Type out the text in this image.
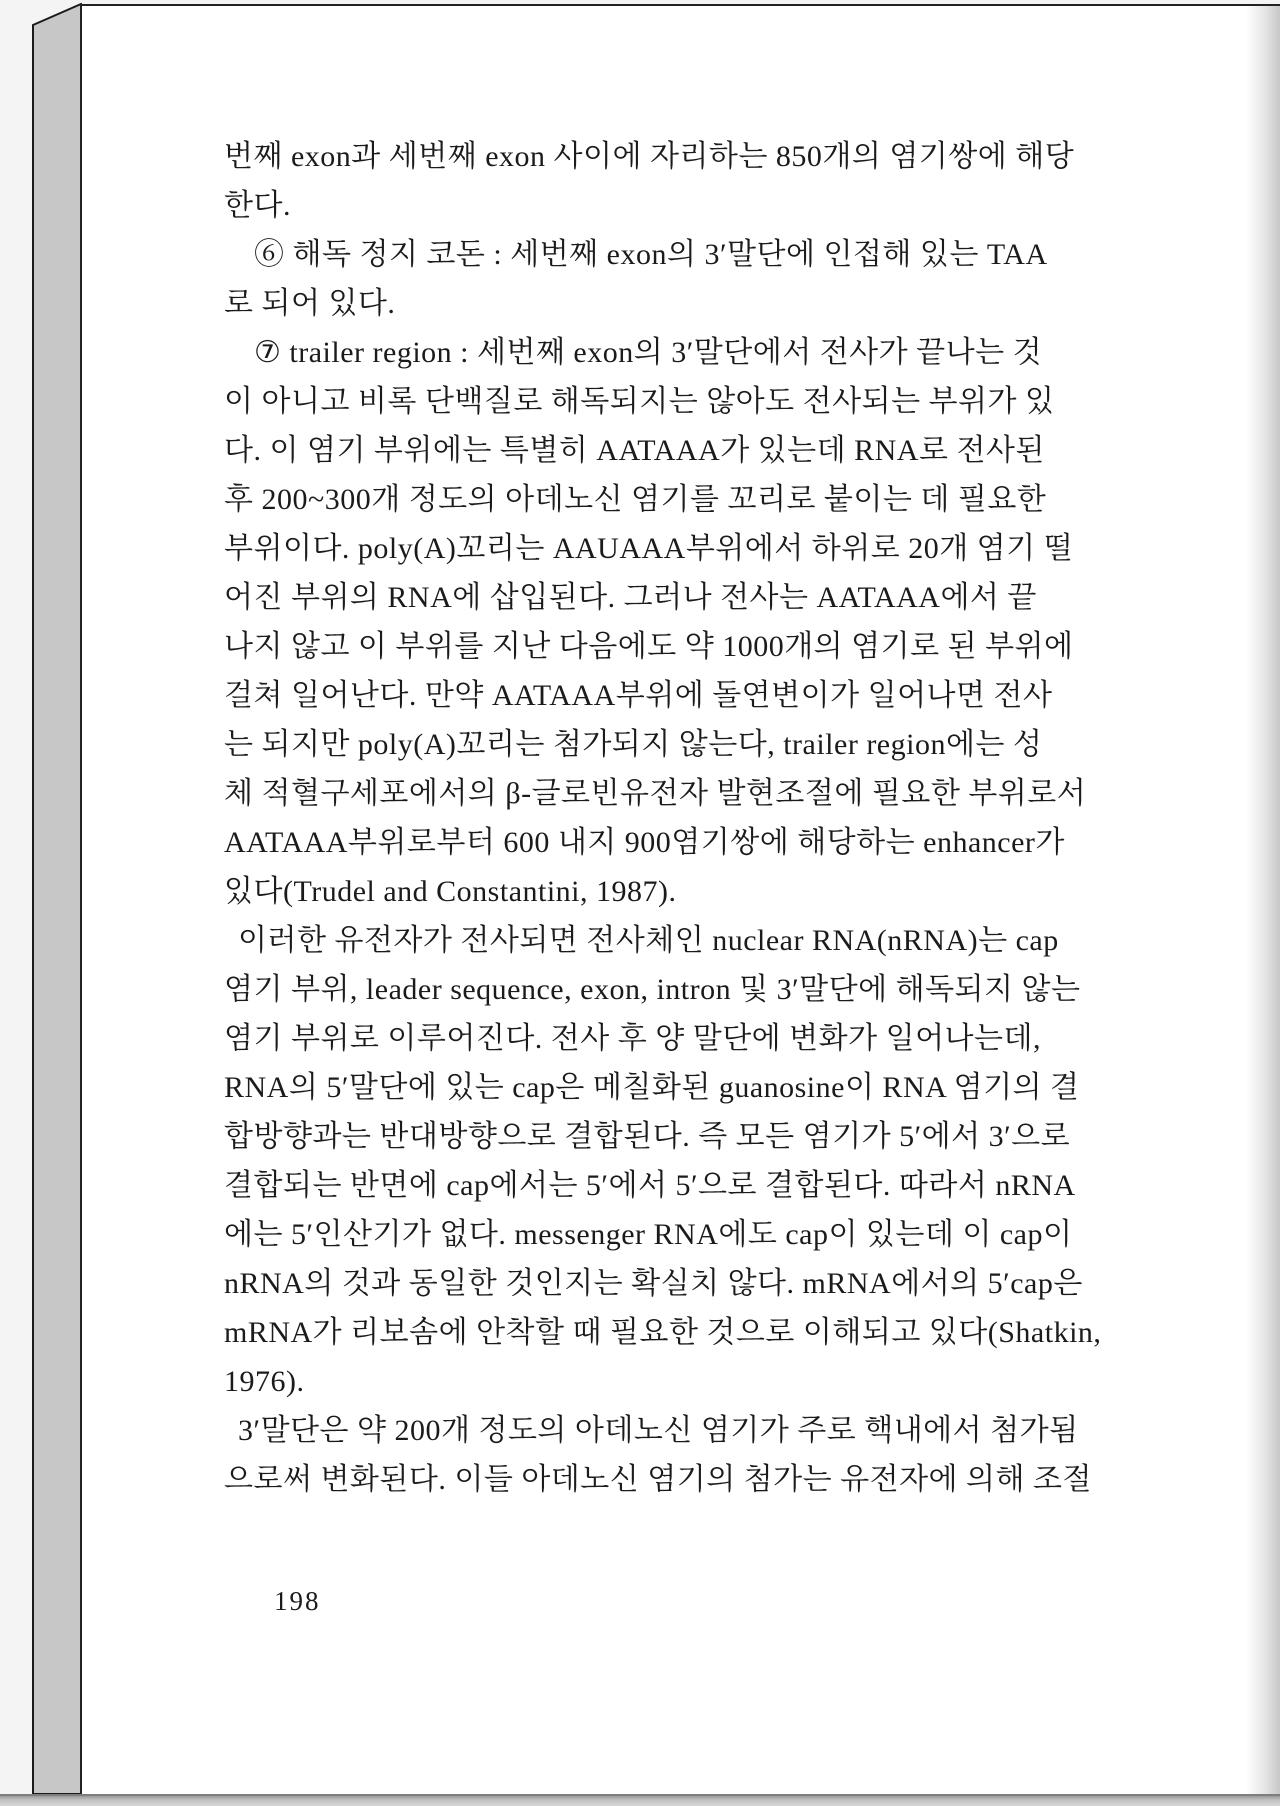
번째 exon과 세번째 exon 사이에 자리하는 850개의 염기쌍에 해당
한다.
⑥ 해독 정지 코돈 : 세번째 exon의 3′말단에 인접해 있는 TAA
로 되어 있다.
⑦ trailer region : 세번째 exon의 3′말단에서 전사가 끝나는 것
이 아니고 비록 단백질로 해독되지는 않아도 전사되는 부위가 있
다. 이 염기 부위에는 특별히 AATAAA가 있는데 RNA로 전사된
후 200~300개 정도의 아데노신 염기를 꼬리로 붙이는 데 필요한
부위이다. poly(A)꼬리는 AAUAAA부위에서 하위로 20개 염기 떨
어진 부위의 RNA에 삽입된다. 그러나 전사는 AATAAA에서 끝
나지 않고 이 부위를 지난 다음에도 약 1000개의 염기로 된 부위에
걸쳐 일어난다. 만약 AATAAA부위에 돌연변이가 일어나면 전사
는 되지만 poly(A)꼬리는 첨가되지 않는다, trailer region에는 성
체 적혈구세포에서의 β-글로빈유전자 발현조절에 필요한 부위로서
AATAAA부위로부터 600 내지 900염기쌍에 해당하는 enhancer가
있다(Trudel and Constantini, 1987).
이러한 유전자가 전사되면 전사체인 nuclear RNA(nRNA)는 cap
염기 부위, leader sequence, exon, intron 및 3′말단에 해독되지 않는
염기 부위로 이루어진다. 전사 후 양 말단에 변화가 일어나는데,
RNA의 5′말단에 있는 cap은 메칠화된 guanosine이 RNA 염기의 결
합방향과는 반대방향으로 결합된다. 즉 모든 염기가 5′에서 3′으로
결합되는 반면에 cap에서는 5′에서 5′으로 결합된다. 따라서 nRNA
에는 5′인산기가 없다. messenger RNA에도 cap이 있는데 이 cap이
nRNA의 것과 동일한 것인지는 확실치 않다. mRNA에서의 5′cap은
mRNA가 리보솜에 안착할 때 필요한 것으로 이해되고 있다(Shatkin,
1976).
3′말단은 약 200개 정도의 아데노신 염기가 주로 핵내에서 첨가됨
으로써 변화된다. 이들 아데노신 염기의 첨가는 유전자에 의해 조절
198
